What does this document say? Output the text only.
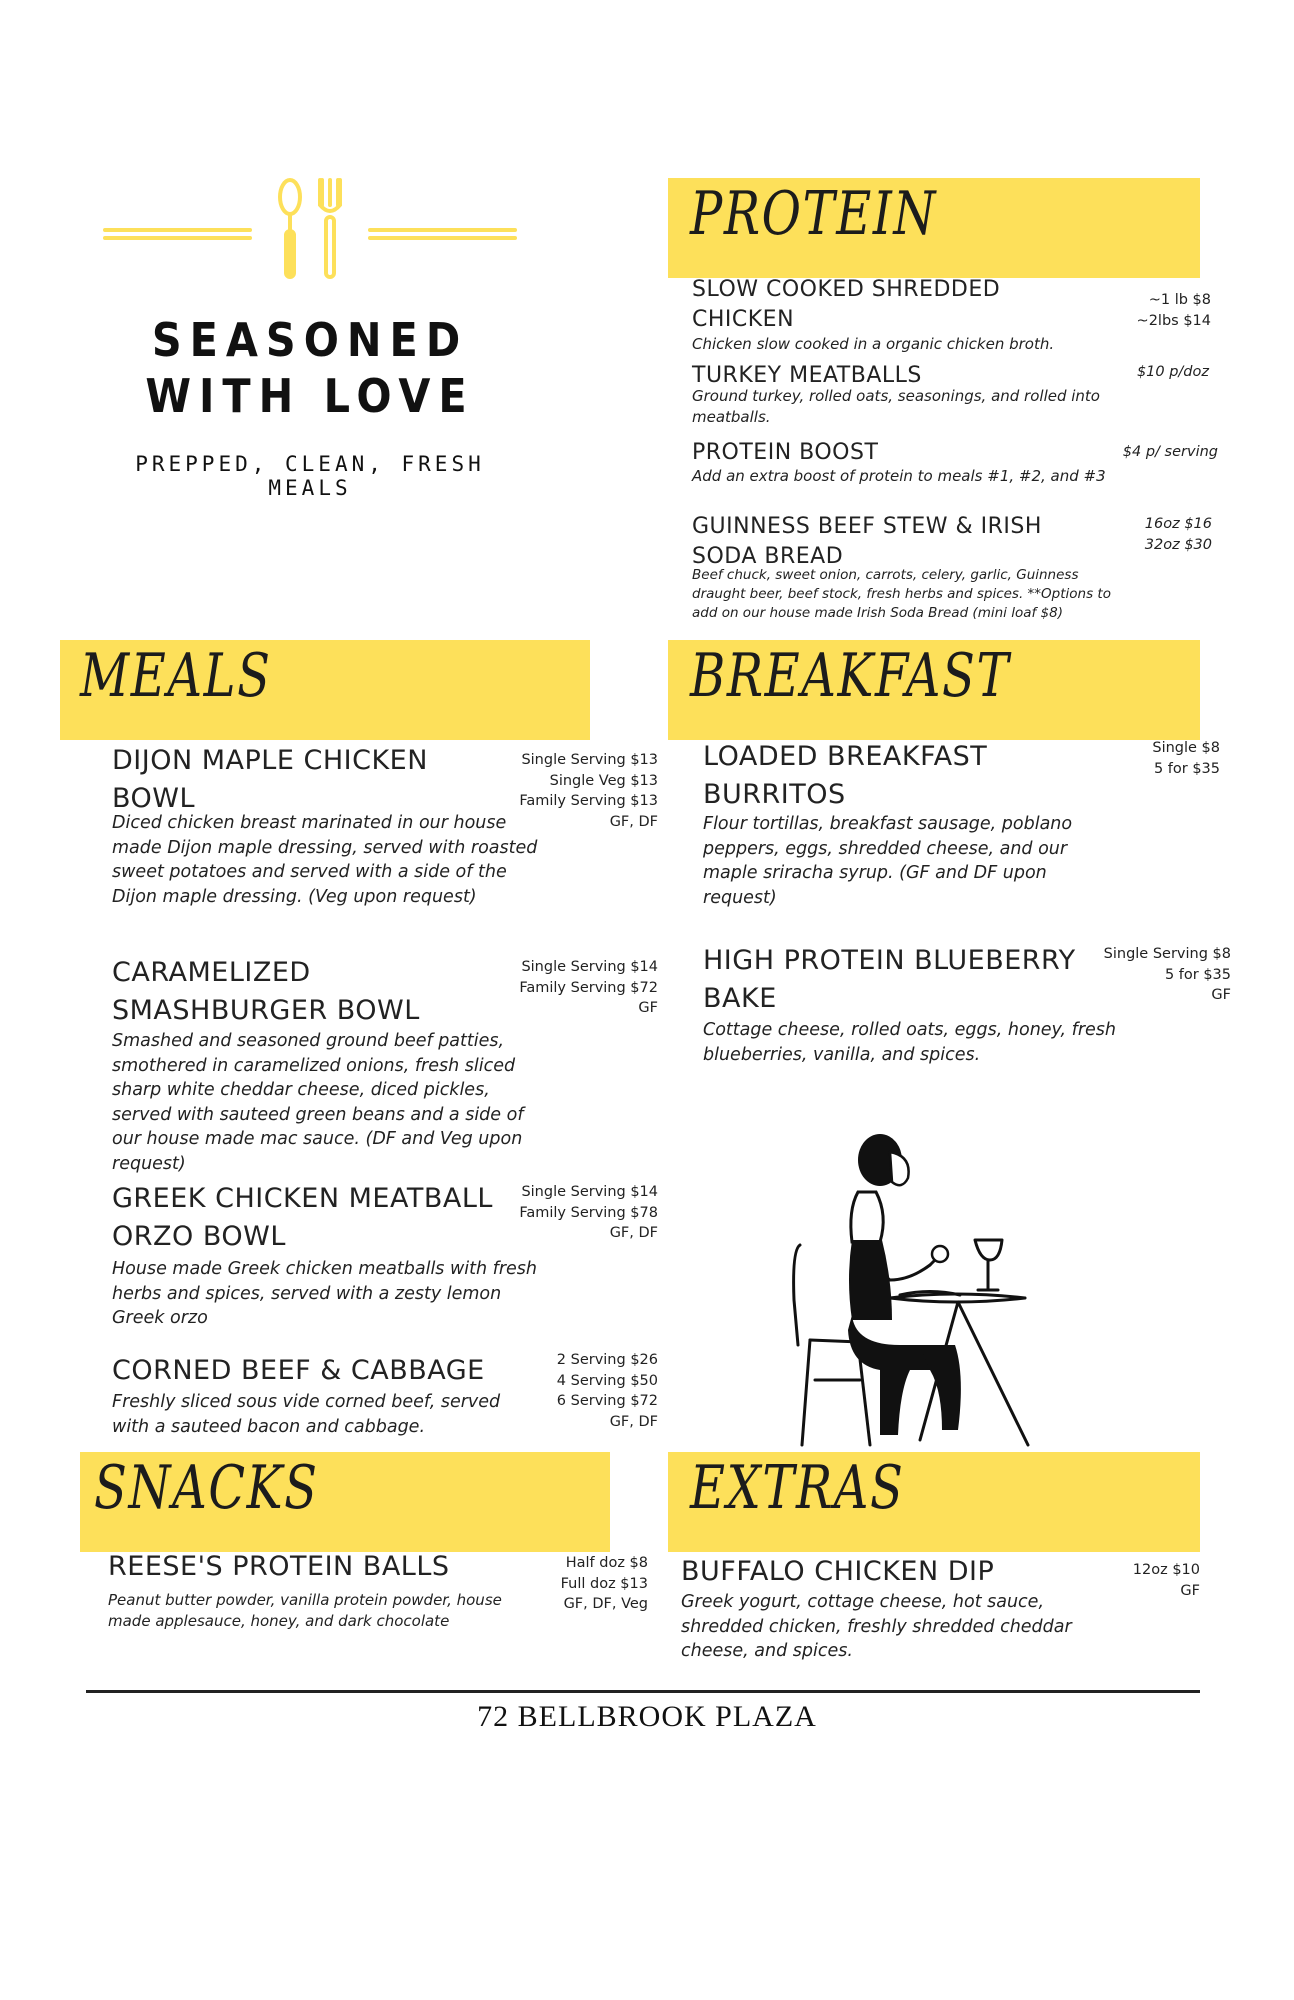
SEASONED WITH LOVE
PREPPED, CLEAN, FRESH MEALS
PROTEIN
SLOW COOKED SHREDDED CHICKEN
Chicken slow cooked in a organic chicken broth.
~1 lb $8
~2lbs $14
TURKEY MEATBALLS
Ground turkey, rolled oats, seasonings, and rolled into meatballs.
$10 p/doz
PROTEIN BOOST
Add an extra boost of protein to meals #1, #2, and #3
$4 p/ serving
GUINNESS BEEF STEW & IRISH SODA BREAD
Beef chuck, sweet onion, carrots, celery, garlic, Guinness draught beer, beef stock, fresh herbs and spices. **Options to add on our house made Irish Soda Bread (mini loaf $8)
16oz $16
32oz $30
MEALS
DIJON MAPLE CHICKEN BOWL
Diced chicken breast marinated in our house made Dijon maple dressing, served with roasted sweet potatoes and served with a side of the Dijon maple dressing. (Veg upon request)
Single Serving $13
Single Veg $13
Family Serving $13
GF, DF
CARAMELIZED SMASHBURGER BOWL
Smashed and seasoned ground beef patties, smothered in caramelized onions, fresh sliced sharp white cheddar cheese, diced pickles, served with sauteed green beans and a side of our house made mac sauce. (DF and Veg upon request)
Single Serving $14
Family Serving $72
GF
GREEK CHICKEN MEATBALL ORZO BOWL
House made Greek chicken meatballs with fresh herbs and spices, served with a zesty lemon Greek orzo
Single Serving $14
Family Serving $78
GF, DF
CORNED BEEF & CABBAGE
Freshly sliced sous vide corned beef, served with a sauteed bacon and cabbage.
2 Serving $26
4 Serving $50
6 Serving $72
GF, DF
BREAKFAST
LOADED BREAKFAST BURRITOS
Flour tortillas, breakfast sausage, poblano peppers, eggs, shredded cheese, and our maple sriracha syrup. (GF and DF upon request)
Single $8
5 for $35
HIGH PROTEIN BLUEBERRY BAKE
Cottage cheese, rolled oats, eggs, honey, fresh blueberries, vanilla, and spices.
Single Serving $8
5 for $35
GF
SNACKS
REESE'S PROTEIN BALLS
Peanut butter powder, vanilla protein powder, house made applesauce, honey, and dark chocolate
Half doz $8
Full doz $13
GF, DF, Veg
EXTRAS
BUFFALO CHICKEN DIP
Greek yogurt, cottage cheese, hot sauce, shredded chicken, freshly shredded cheddar cheese, and spices.
12oz $10
GF
72 BELLBROOK PLAZA
